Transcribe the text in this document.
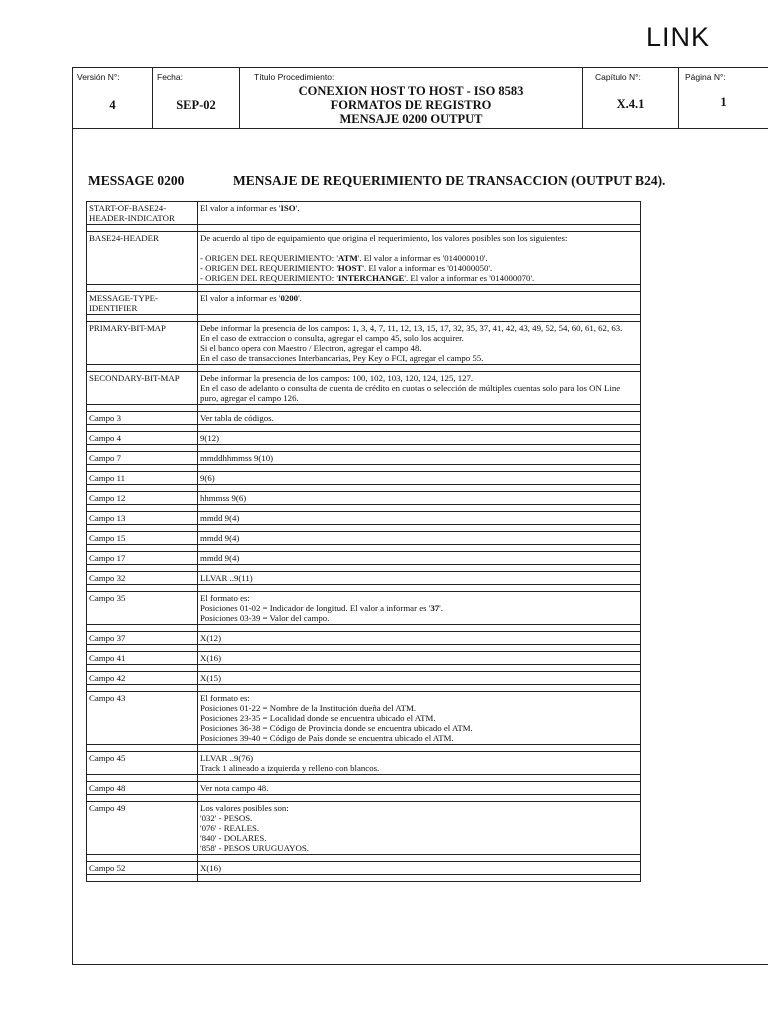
LINK
Versión N°:
4
Fecha:
SEP-02
Título Procedimiento:
CONEXION HOST TO HOST - ISO 8583
FORMATOS DE REGISTRO
MENSAJE 0200 OUTPUT
Capítulo N°:
X.4.1
Página N°:
1
MESSAGE 0200	MENSAJE DE REQUERIMIENTO DE TRANSACCION (OUTPUT B24).
START-OF-BASE24-
HEADER-INDICATOR	El valor a informar es 'ISO'.

BASE24-HEADER	De acuerdo al tipo de equipamiento que origina el requerimiento, los valores posibles son los siguientes:

- ORIGEN DEL REQUERIMIENTO: 'ATM'. El valor a informar es '014000010'.
- ORIGEN DEL REQUERIMIENTO: 'HOST'. El valor a informar es '014000050'.
- ORIGEN DEL REQUERIMIENTO: 'INTERCHANGE'. El valor a informar es '014000070'.

MESSAGE-TYPE-
IDENTIFIER	El valor a informar es '0200'.

PRIMARY-BIT-MAP	Debe informar la presencia de los campos: 1, 3, 4, 7, 11, 12, 13, 15, 17, 32, 35, 37, 41, 42, 43, 49, 52, 54, 60, 61, 62, 63.
En el caso de extraccion o consulta, agregar el campo 45, solo los acquirer.
Si el banco opera con Maestro / Electron, agregar el campo 48.
En el caso de transacciones Interbancarias, Pey Key o FCI, agregar el campo 55.

SECONDARY-BIT-MAP	Debe informar la presencia de los campos: 100, 102, 103, 120, 124, 125, 127.
En el caso de adelanto o consulta de cuenta de crédito en cuotas o selección de múltiples cuentas solo para los ON Line
puro, agregar el campo 126.

Campo 3	Ver tabla de códigos.

Campo 4	9(12)

Campo 7	mmddhhmmss 9(10)

Campo 11	9(6)

Campo 12	hhmmss 9(6)

Campo 13	mmdd 9(4)

Campo 15	mmdd 9(4)

Campo 17	mmdd 9(4)

Campo 32	LLVAR ..9(11)

Campo 35	El formato es:
Posiciones 01-02 = Indicador de longitud. El valor a informar es '37'.
Posiciones 03-39 = Valor del campo.

Campo 37	X(12)

Campo 41	X(16)

Campo 42	X(15)

Campo 43	El formato es:
Posiciones 01-22 = Nombre de la Institución dueña del ATM.
Posiciones 23-35 = Localidad donde se encuentra ubicado el ATM.
Posiciones 36-38 = Código de Provincia donde se encuentra ubicado el ATM.
Posiciones 39-40 = Código de País donde se encuentra ubicado el ATM.

Campo 45	LLVAR ..9(76)
Track 1 alineado a izquierda y relleno con blancos.

Campo 48	Ver nota campo 48.

Campo 49	Los valores posibles son:
'032' - PESOS.
'076' - REALES.
'840' - DOLARES.
'858' - PESOS URUGUAYOS.

Campo 52	X(16)
